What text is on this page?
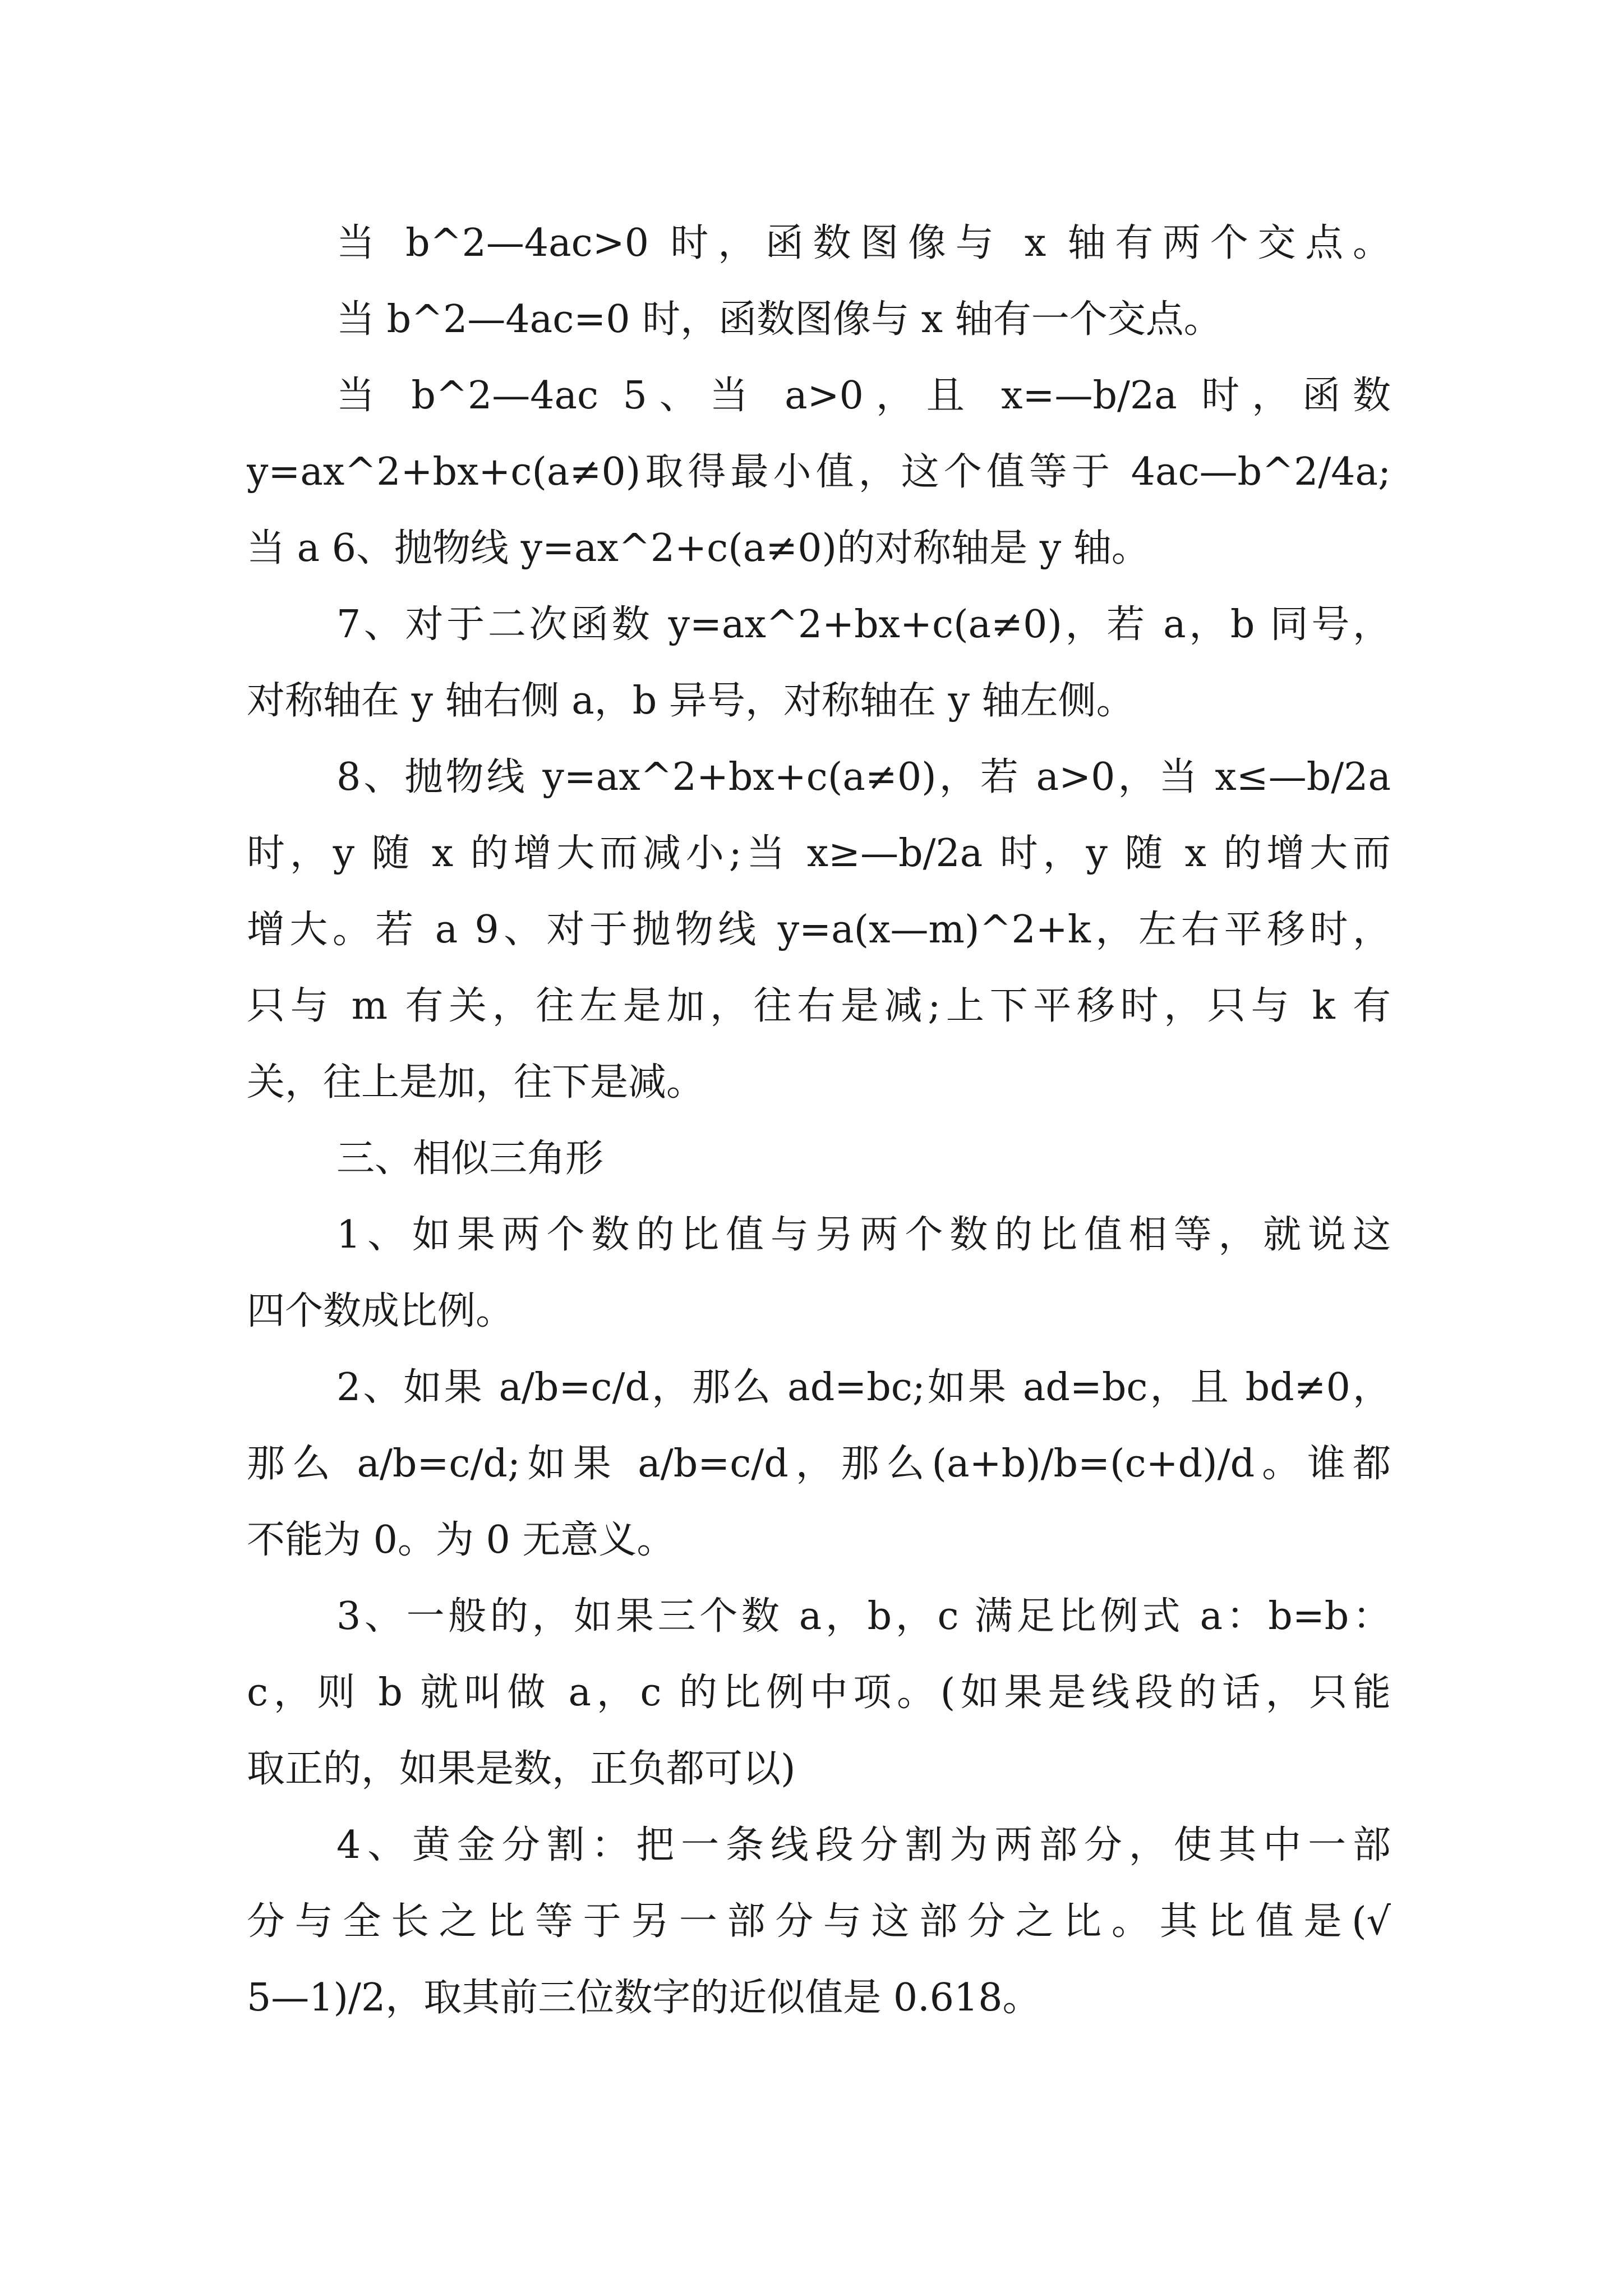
当 b^2—4ac>0 时，函数图像与 x 轴有两个交点。

当 b^2—4ac=0 时，函数图像与 x 轴有一个交点。

当 b^2—4ac 5、当 a>0，且 x=—b/2a 时，函数

y=ax^2+bx+c(a≠0)取得最小值，这个值等于 4ac—b^2/4a;

当 a 6、抛物线 y=ax^2+c(a≠0)的对称轴是 y 轴。

7、对于二次函数 y=ax^2+bx+c(a≠0)，若 a，b 同号，

对称轴在 y 轴右侧 a，b 异号，对称轴在 y 轴左侧。

8、抛物线 y=ax^2+bx+c(a≠0)，若 a>0，当 x≤—b/2a

时，y 随 x 的增大而减小;当 x≥—b/2a 时，y 随 x 的增大而

增大。若 a 9、对于抛物线 y=a(x—m)^2+k，左右平移时，

只与 m 有关，往左是加，往右是减;上下平移时，只与 k 有

关，往上是加，往下是减。

三、相似三角形

1、如果两个数的比值与另两个数的比值相等，就说这

四个数成比例。

2、如果 a/b=c/d，那么 ad=bc;如果 ad=bc，且 bd≠0，

那么 a/b=c/d;如果 a/b=c/d，那么(a+b)/b=(c+d)/d。谁都

不能为 0。为 0 无意义。

3、一般的，如果三个数 a，b，c 满足比例式 a：b=b：

c，则 b 就叫做 a，c 的比例中项。(如果是线段的话，只能

取正的，如果是数，正负都可以)

4、黄金分割：把一条线段分割为两部分，使其中一部

分与全长之比等于另一部分与这部分之比。其比值是(√

5—1)/2，取其前三位数字的近似值是 0.618。
